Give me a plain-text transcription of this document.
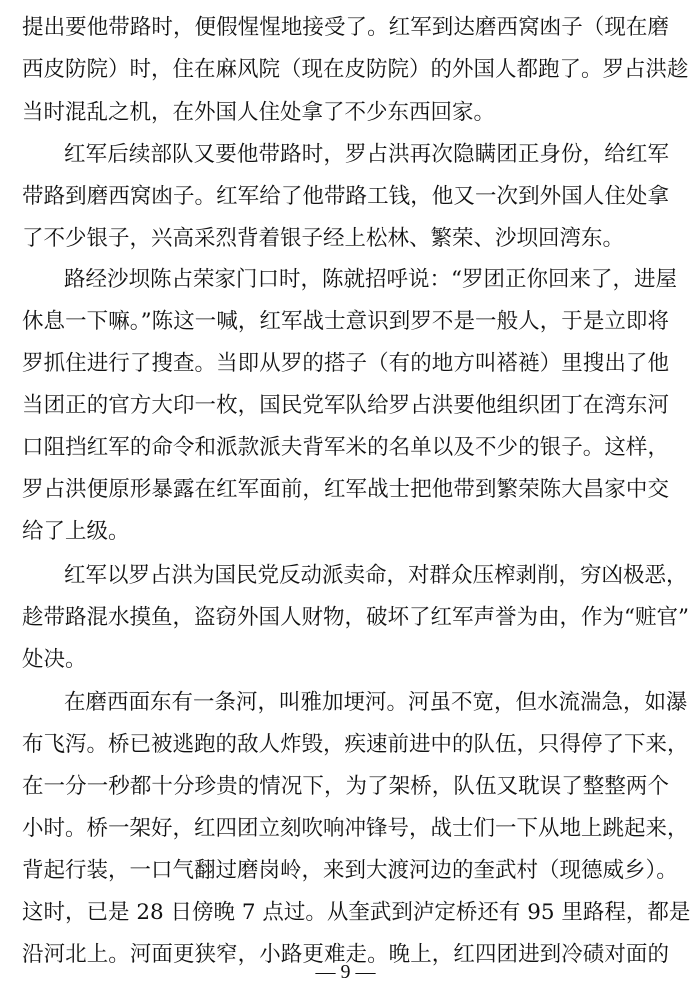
提出要他带路时，便假惺惺地接受了。红军到达磨西窝凼子（现在磨
西皮防院）时，住在麻风院（现在皮防院）的外国人都跑了。罗占洪趁
当时混乱之机，在外国人住处拿了不少东西回家。
红军后续部队又要他带路时，罗占洪再次隐瞒团正身份，给红军
带路到磨西窝凼子。红军给了他带路工钱，他又一次到外国人住处拿
了不少银子，兴高采烈背着银子经上松林、繁荣、沙坝回湾东。
路经沙坝陈占荣家门口时，陈就招呼说：“罗团正你回来了，进屋
休息一下嘛。”陈这一喊，红军战士意识到罗不是一般人，于是立即将
罗抓住进行了搜查。当即从罗的搭子（有的地方叫褡裢）里搜出了他
当团正的官方大印一枚，国民党军队给罗占洪要他组织团丁在湾东河
口阻挡红军的命令和派款派夫背军米的名单以及不少的银子。这样，
罗占洪便原形暴露在红军面前，红军战士把他带到繁荣陈大昌家中交
给了上级。
红军以罗占洪为国民党反动派卖命，对群众压榨剥削，穷凶极恶，
趁带路混水摸鱼，盗窃外国人财物，破坏了红军声誉为由，作为“赃官”
处决。
在磨西面东有一条河，叫雅加埂河。河虽不宽，但水流湍急，如瀑
布飞泻。桥已被逃跑的敌人炸毁，疾速前进中的队伍，只得停了下来，
在一分一秒都十分珍贵的情况下，为了架桥，队伍又耽误了整整两个
小时。桥一架好，红四团立刻吹响冲锋号，战士们一下从地上跳起来，
背起行装，一口气翻过磨岗岭，来到大渡河边的奎武村（现德威乡）。
这时，已是 28 日傍晚 7 点过。从奎武到泸定桥还有 95 里路程，都是
沿河北上。河面更狭窄，小路更难走。晚上，红四团进到冷碛对面的
— 9 —
